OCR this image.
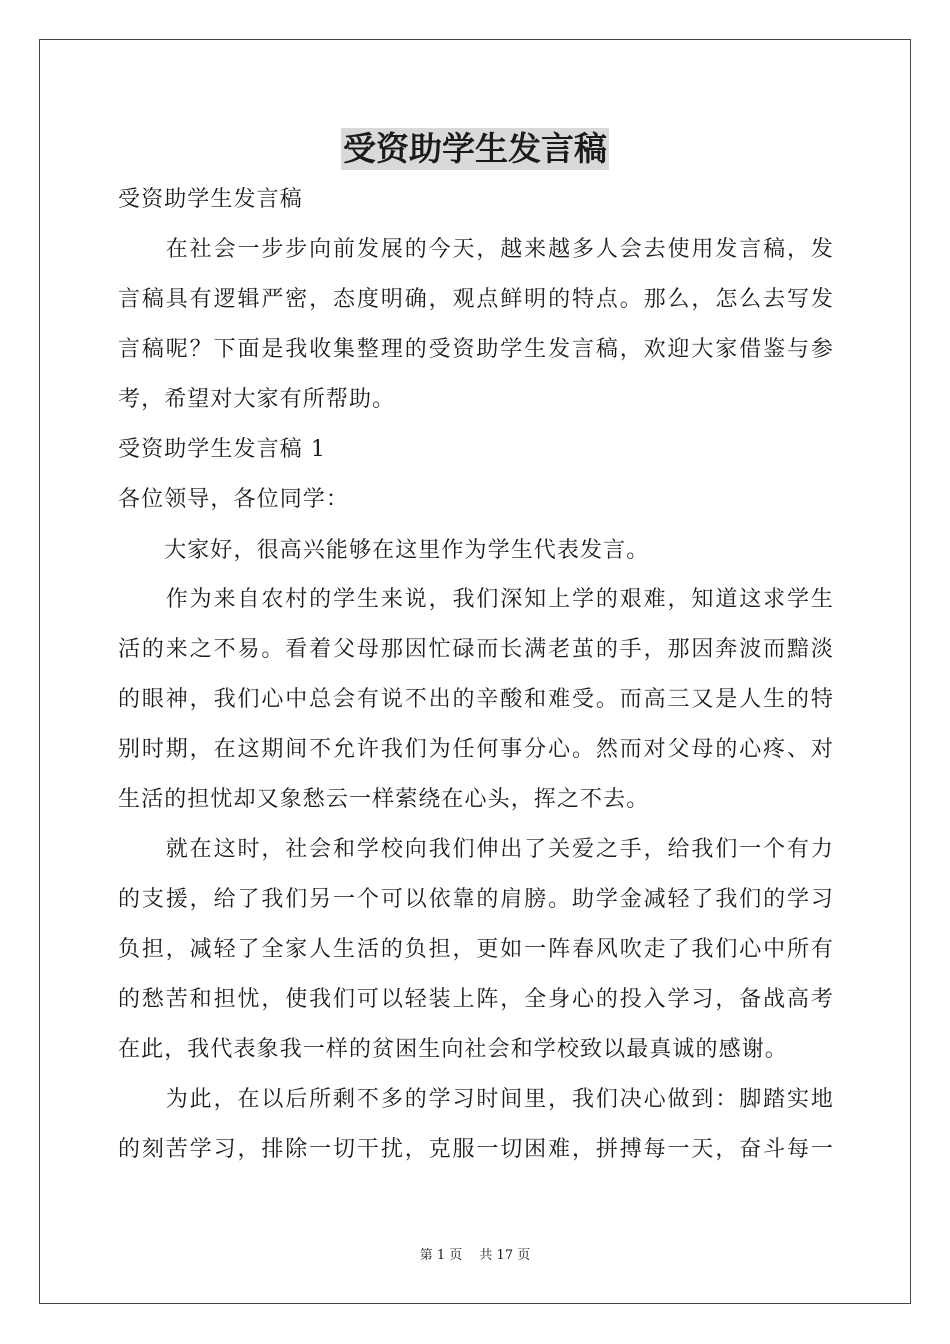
受资助学生发言稿
受资助学生发言稿
　　在社会一步步向前发展的今天，越来越多人会去使用发言稿，发
言稿具有逻辑严密，态度明确，观点鲜明的特点。那么，怎么去写发
言稿呢？下面是我收集整理的受资助学生发言稿，欢迎大家借鉴与参
考，希望对大家有所帮助。
受资助学生发言稿 1
各位领导，各位同学：
　　大家好，很高兴能够在这里作为学生代表发言。
　　作为来自农村的学生来说，我们深知上学的艰难，知道这求学生
活的来之不易。看着父母那因忙碌而长满老茧的手，那因奔波而黯淡
的眼神，我们心中总会有说不出的辛酸和难受。而高三又是人生的特
别时期，在这期间不允许我们为任何事分心。然而对父母的心疼、对
生活的担忧却又象愁云一样萦绕在心头，挥之不去。
　　就在这时，社会和学校向我们伸出了关爱之手，给我们一个有力
的支援，给了我们另一个可以依靠的肩膀。助学金减轻了我们的学习
负担，减轻了全家人生活的负担，更如一阵春风吹走了我们心中所有
的愁苦和担忧，使我们可以轻装上阵，全身心的投入学习，备战高考
在此，我代表象我一样的贫困生向社会和学校致以最真诚的感谢。
　　为此，在以后所剩不多的学习时间里，我们决心做到：脚踏实地
的刻苦学习，排除一切干扰，克服一切困难，拼搏每一天，奋斗每一
第 1 页　 共 17 页
